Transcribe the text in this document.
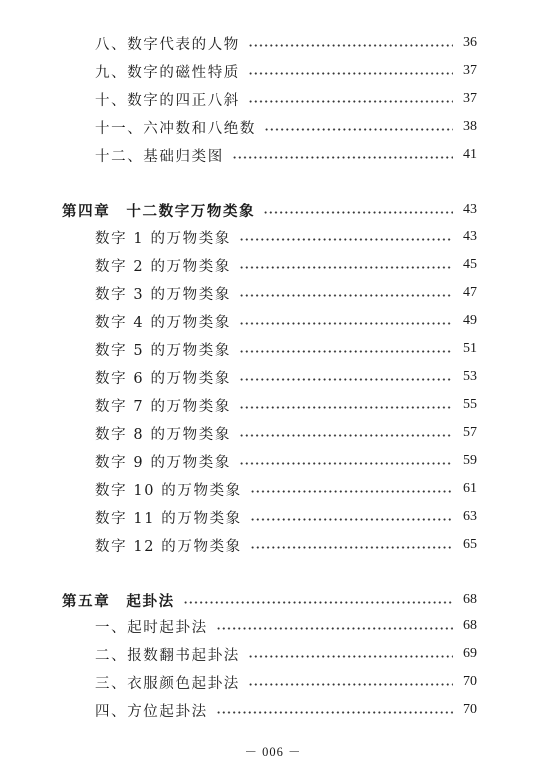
八、数字代表的人物	36
九、数字的磁性特质	37
十、数字的四正八斜	37
十一、六冲数和八绝数	38
十二、基础归类图	41
第四章　十二数字万物类象	43
数字 1 的万物类象	43
数字 2 的万物类象	45
数字 3 的万物类象	47
数字 4 的万物类象	49
数字 5 的万物类象	51
数字 6 的万物类象	53
数字 7 的万物类象	55
数字 8 的万物类象	57
数字 9 的万物类象	59
数字 10 的万物类象	61
数字 11 的万物类象	63
数字 12 的万物类象	65
第五章　起卦法	68
一、起时起卦法	68
二、报数翻书起卦法	69
三、衣服颜色起卦法	70
四、方位起卦法	70
－ 006 －
